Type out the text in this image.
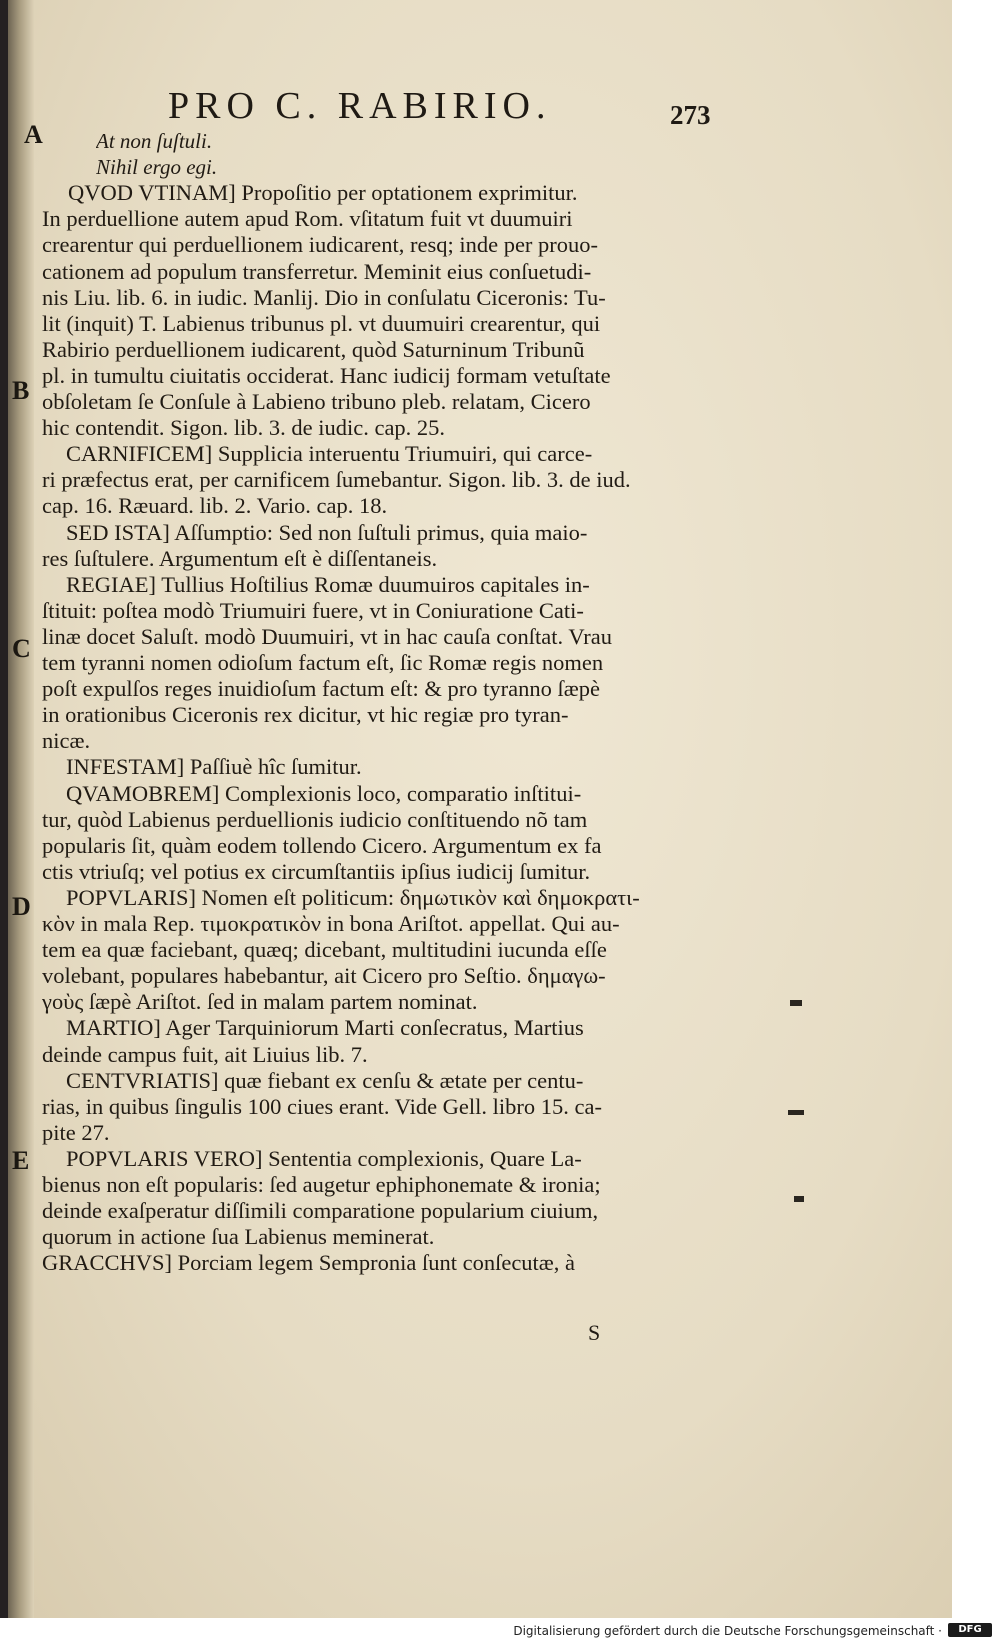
PRO C. RABIRIO.	273
A
B
C
D
E
At non ſuſtuli.
Nihil ergo egi.
QVOD VTINAM] Propoſitio per optationem exprimitur.
In perduellione autem apud Rom. vſitatum fuit vt duumuiri
crearentur qui perduellionem iudicarent, resq; inde per prouo-
cationem ad populum transferretur. Meminit eius conſuetudi-
nis Liu. lib. 6. in iudic. Manlij. Dio in conſulatu Ciceronis: Tu-
lit (inquit) T. Labienus tribunus pl. vt duumuiri crearentur, qui
Rabirio perduellionem iudicarent, quòd Saturninum Tribunũ
pl. in tumultu ciuitatis occiderat. Hanc iudicij formam vetuſtate
obſoletam ſe Conſule à Labieno tribuno pleb. relatam, Cicero
hic contendit. Sigon. lib. 3. de iudic. cap. 25.
CARNIFICEM] Supplicia interuentu Triumuiri, qui carce-
ri præfectus erat, per carnificem ſumebantur. Sigon. lib. 3. de iud.
cap. 16. Ræuard. lib. 2. Vario. cap. 18.
SED ISTA] Aſſumptio: Sed non ſuſtuli primus, quia maio-
res ſuſtulere. Argumentum eſt è diſſentaneis.
REGIAE] Tullius Hoſtilius Romæ duumuiros capitales in-
ſtituit: poſtea modò Triumuiri fuere, vt in Coniuratione Cati-
linæ docet Saluſt. modò Duumuiri, vt in hac cauſa conſtat. Vrau
tem tyranni nomen odioſum factum eſt, ſic Romæ regis nomen
poſt expulſos reges inuidioſum factum eſt: & pro tyranno ſæpè
in orationibus Ciceronis rex dicitur, vt hic regiæ pro tyran-
nicæ.
INFESTAM] Paſſiuè hîc ſumitur.
QVAMOBREM] Complexionis loco, comparatio inſtitui-
tur, quòd Labienus perduellionis iudicio conſtituendo nõ tam
popularis ſit, quàm eodem tollendo Cicero. Argumentum ex fa
ctis vtriuſq; vel potius ex circumſtantiis ipſius iudicij ſumitur.
POPVLARIS] Nomen eſt politicum: δημωτικὸν καὶ δημοκρατι-
κὸν in mala Rep. τιμοκρατικὸν in bona Ariſtot. appellat. Qui au-
tem ea quæ faciebant, quæq; dicebant, multitudini iucunda eſſe
volebant, populares habebantur, ait Cicero pro Seſtio. δημαγω-
γοὺς ſæpè Ariſtot. ſed in malam partem nominat.
MARTIO] Ager Tarquiniorum Marti conſecratus, Martius
deinde campus fuit, ait Liuius lib. 7.
CENTVRIATIS] quæ fiebant ex cenſu & ætate per centu-
rias, in quibus ſingulis 100 ciues erant. Vide Gell. libro 15. ca-
pite 27.
POPVLARIS VERO] Sententia complexionis, Quare La-
bienus non eſt popularis: ſed augetur ephiphonemate & ironia;
deinde exaſperatur diſſimili comparatione popularium ciuium,
quorum in actione ſua Labienus meminerat.
GRACCHVS] Porciam legem Sempronia ſunt conſecutæ, à
S
Digitalisierung gefördert durch die Deutsche Forschungsgemeinschaft ·	DFG
